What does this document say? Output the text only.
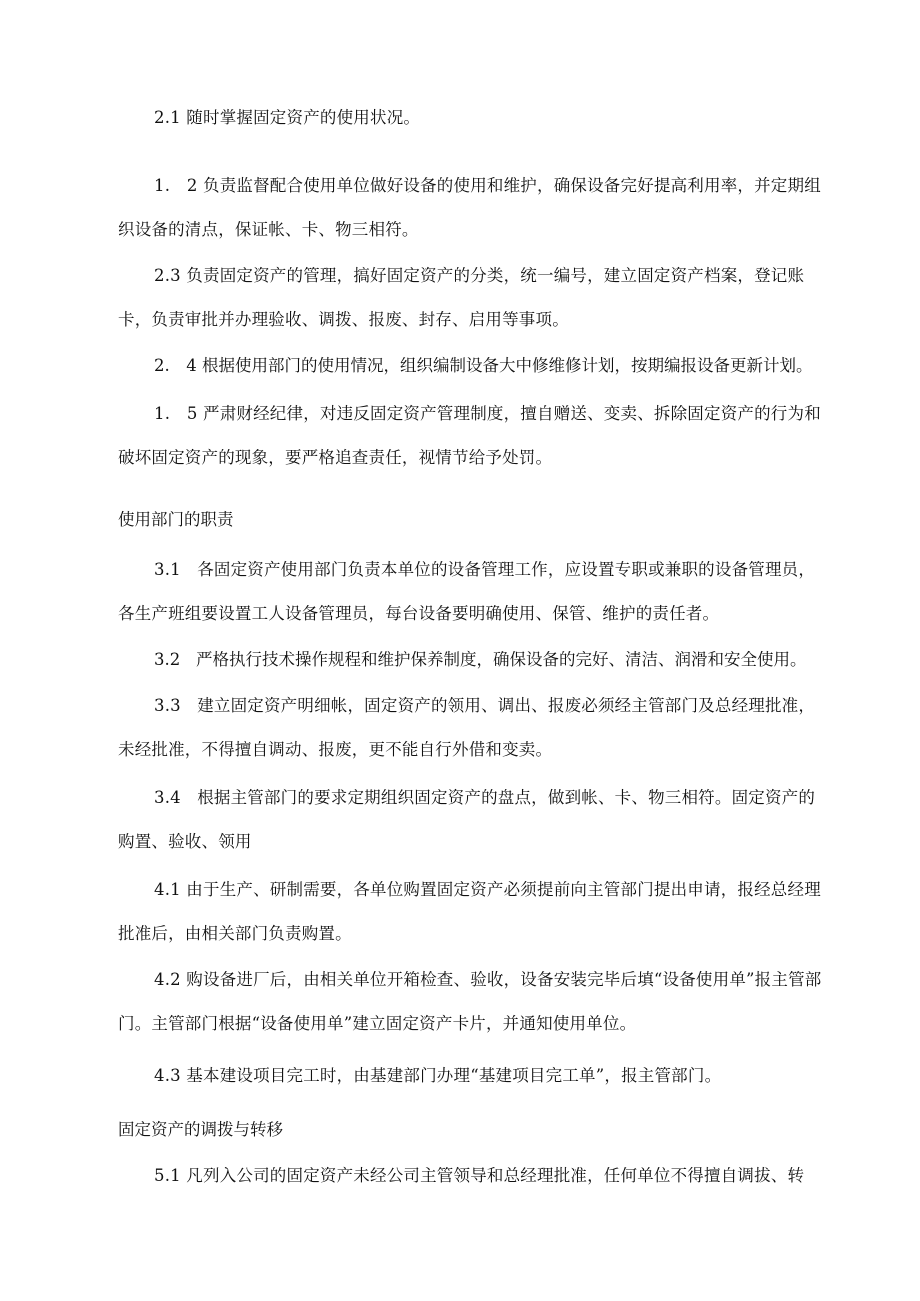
2.1 随时掌握固定资产的使用状况。

1.　2 负责监督配合使用单位做好设备的使用和维护，确保设备完好提高利用率，并定期组织设备的清点，保证帐、卡、物三相符。

2.3 负责固定资产的管理，搞好固定资产的分类，统一编号，建立固定资产档案，登记账卡，负责审批并办理验收、调拨、报废、封存、启用等事项。

2.　4 根据使用部门的使用情况，组织编制设备大中修维修计划，按期编报设备更新计划。

1.　5 严肃财经纪律，对违反固定资产管理制度，擅自赠送、变卖、拆除固定资产的行为和破坏固定资产的现象，要严格追查责任，视情节给予处罚。

使用部门的职责

3.1 各固定资产使用部门负责本单位的设备管理工作，应设置专职或兼职的设备管理员，各生产班组要设置工人设备管理员，每台设备要明确使用、保管、维护的责任者。

3.2 严格执行技术操作规程和维护保养制度，确保设备的完好、清洁、润滑和安全使用。

3.3 建立固定资产明细帐，固定资产的领用、调出、报废必须经主管部门及总经理批准，未经批准，不得擅自调动、报废，更不能自行外借和变卖。

3.4 根据主管部门的要求定期组织固定资产的盘点，做到帐、卡、物三相符。固定资产的购置、验收、领用

4.1 由于生产、研制需要，各单位购置固定资产必须提前向主管部门提出申请，报经总经理批准后，由相关部门负责购置。

4.2 购设备进厂后，由相关单位开箱检查、验收，设备安装完毕后填“设备使用单”报主管部门。主管部门根据“设备使用单”建立固定资产卡片，并通知使用单位。

4.3 基本建设项目完工时，由基建部门办理“基建项目完工单”，报主管部门。

固定资产的调拨与转移

5.1 凡列入公司的固定资产未经公司主管领导和总经理批准，任何单位不得擅自调拔、转
